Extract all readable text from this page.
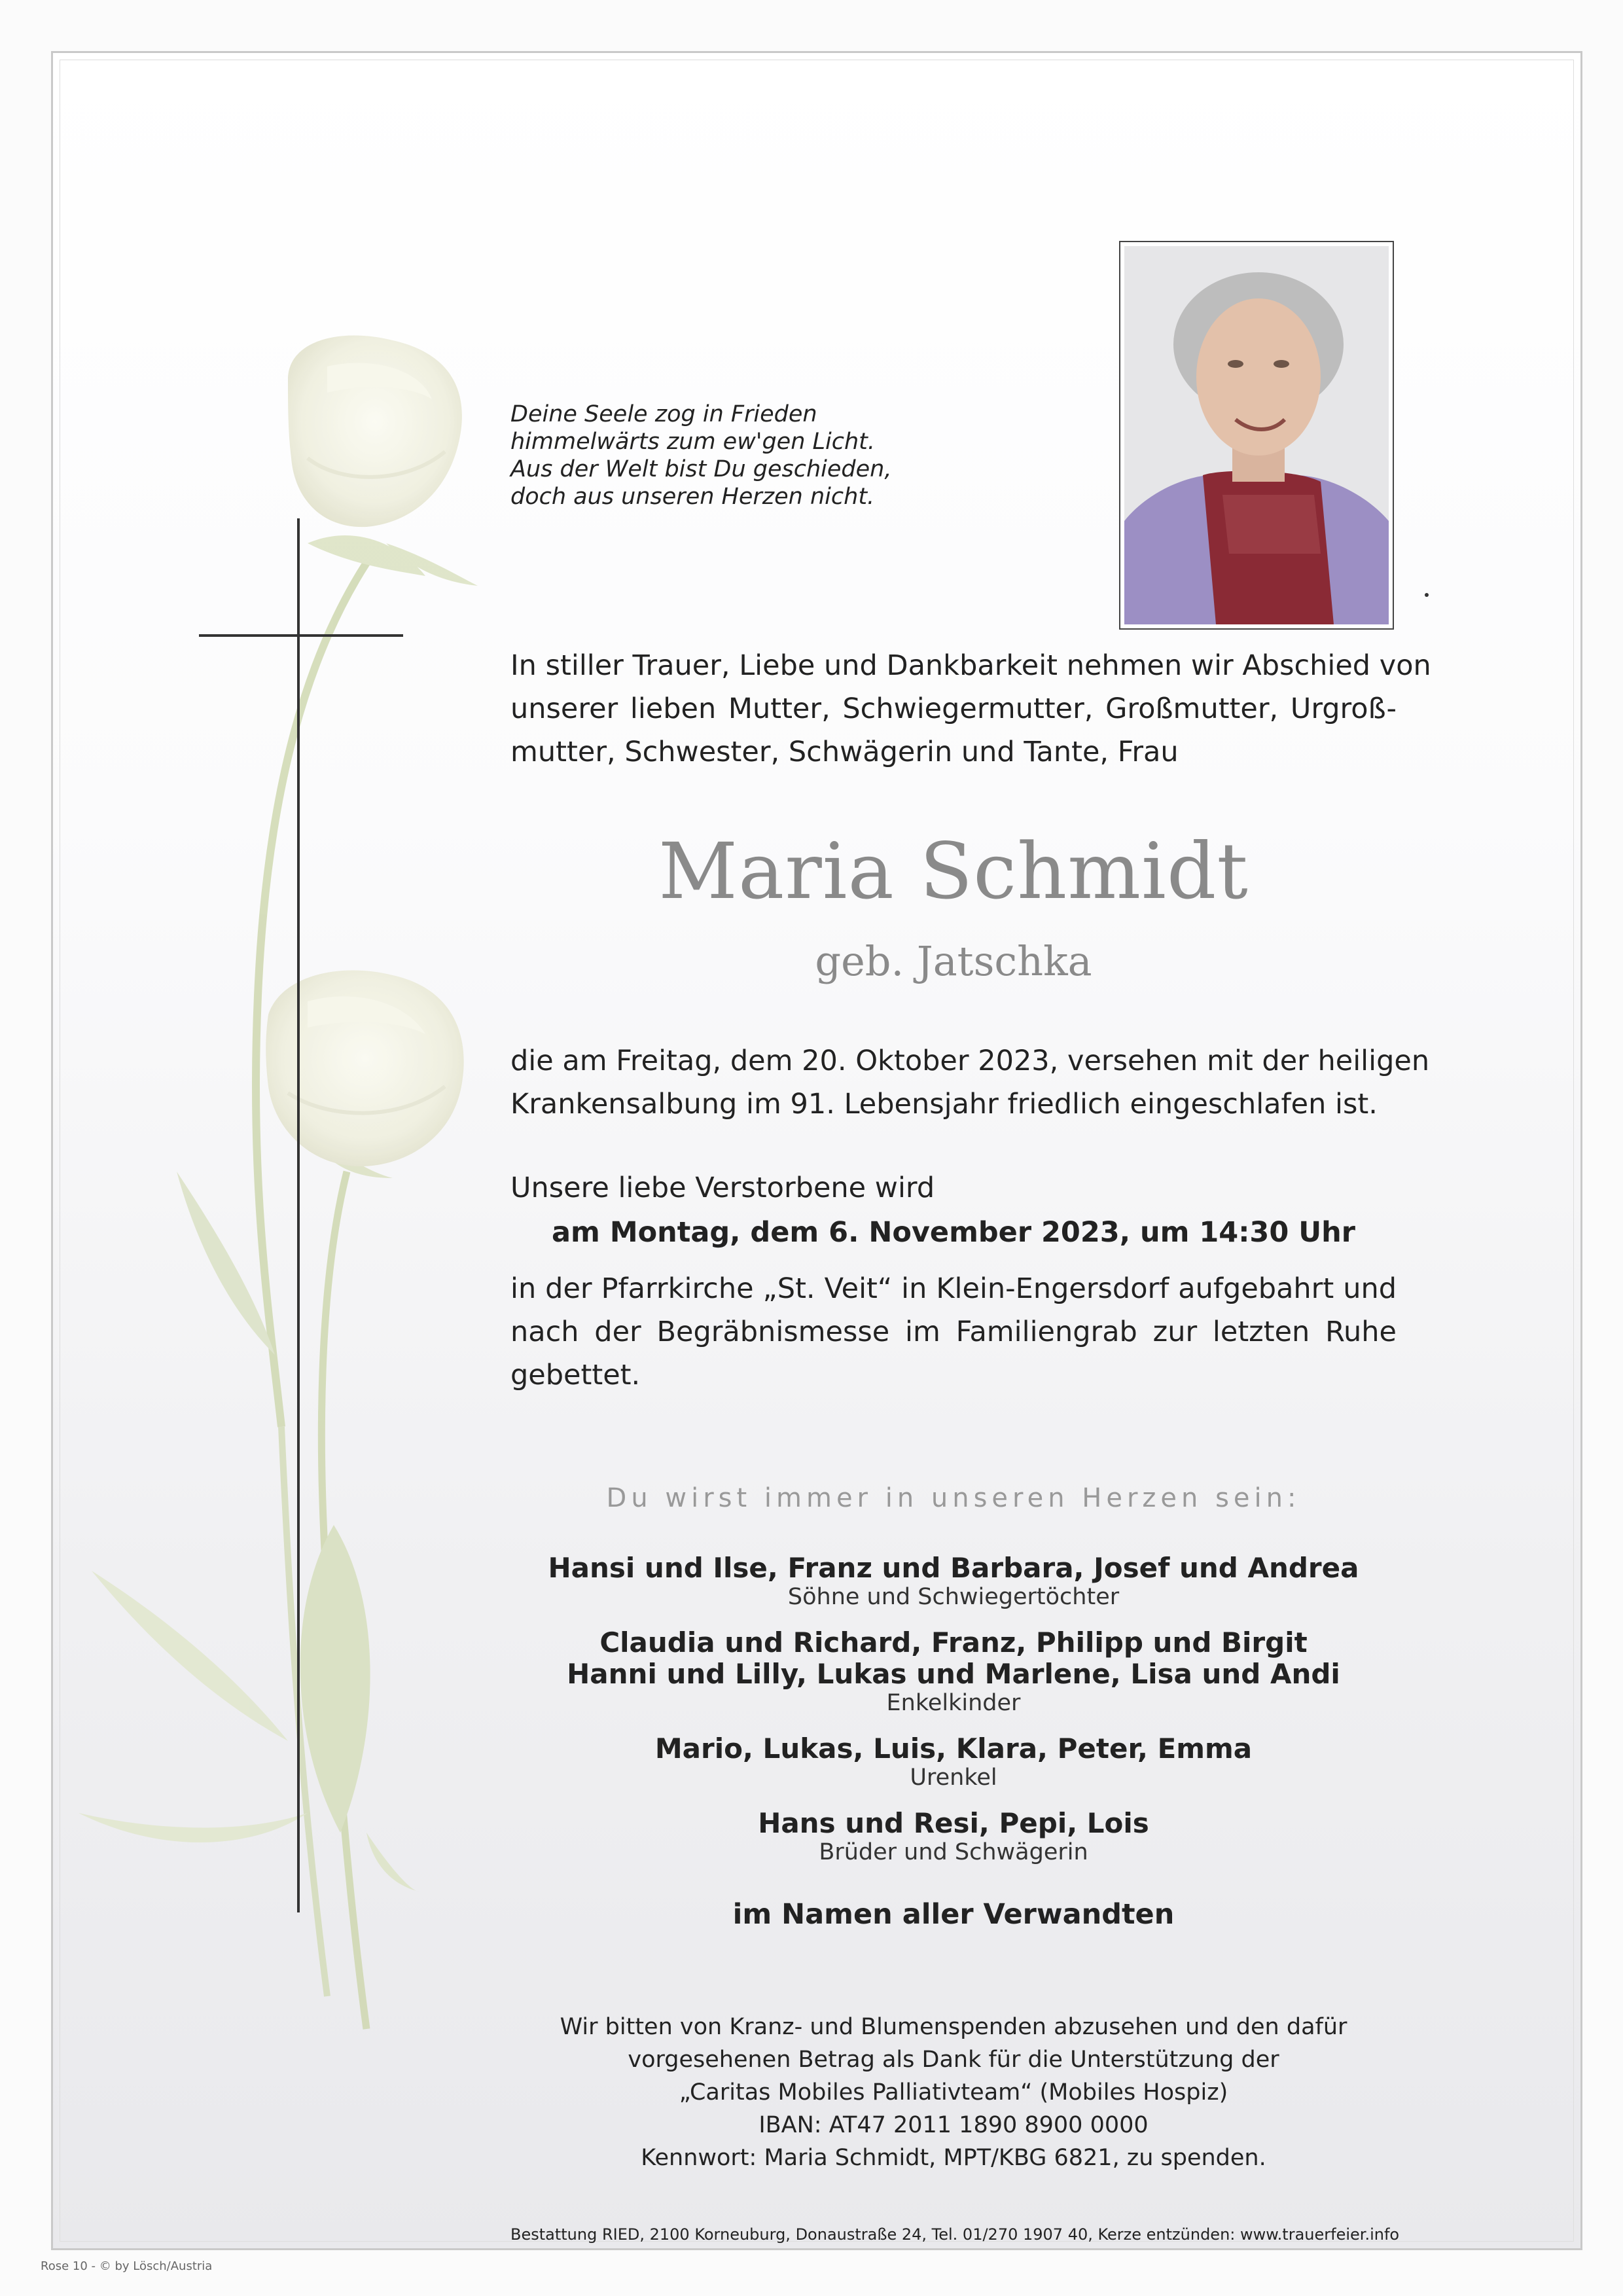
Deine Seele zog in Frieden
himmelwärts zum ew'gen Licht.
Aus der Welt bist Du geschieden,
doch aus unseren Herzen nicht.
In stiller Trauer, Liebe und Dankbarkeit nehmen wir Abschied von
unserer lieben Mutter, Schwiegermutter, Großmutter, Urgroß-
mutter, Schwester, Schwägerin und Tante, Frau
Maria Schmidt
geb. Jatschka
die am Freitag, dem 20. Oktober 2023, versehen mit der heiligen
Krankensalbung im 91. Lebensjahr friedlich eingeschlafen ist.
Unsere liebe Verstorbene wird
am Montag, dem 6. November 2023, um 14:30 Uhr
in der Pfarrkirche „St. Veit“ in Klein-Engersdorf aufgebahrt und
nach der Begräbnismesse im Familiengrab zur letzten Ruhe
gebettet.
Du wirst immer in unseren Herzen sein:
Hansi und Ilse, Franz und Barbara, Josef und Andrea
Söhne und Schwiegertöchter
Claudia und Richard, Franz, Philipp und Birgit
Hanni und Lilly, Lukas und Marlene, Lisa und Andi
Enkelkinder
Mario, Lukas, Luis, Klara, Peter, Emma
Urenkel
Hans und Resi, Pepi, Lois
Brüder und Schwägerin
im Namen aller Verwandten
Wir bitten von Kranz- und Blumenspenden abzusehen und den dafür
vorgesehenen Betrag als Dank für die Unterstützung der
„Caritas Mobiles Palliativteam“ (Mobiles Hospiz)
IBAN: AT47 2011 1890 8900 0000
Kennwort: Maria Schmidt, MPT/KBG 6821, zu spenden.
Bestattung RIED, 2100 Korneuburg, Donaustraße 24, Tel. 01/270 1907 40, Kerze entzünden: www.trauerfeier.info
Rose 10 - © by Lösch/Austria
